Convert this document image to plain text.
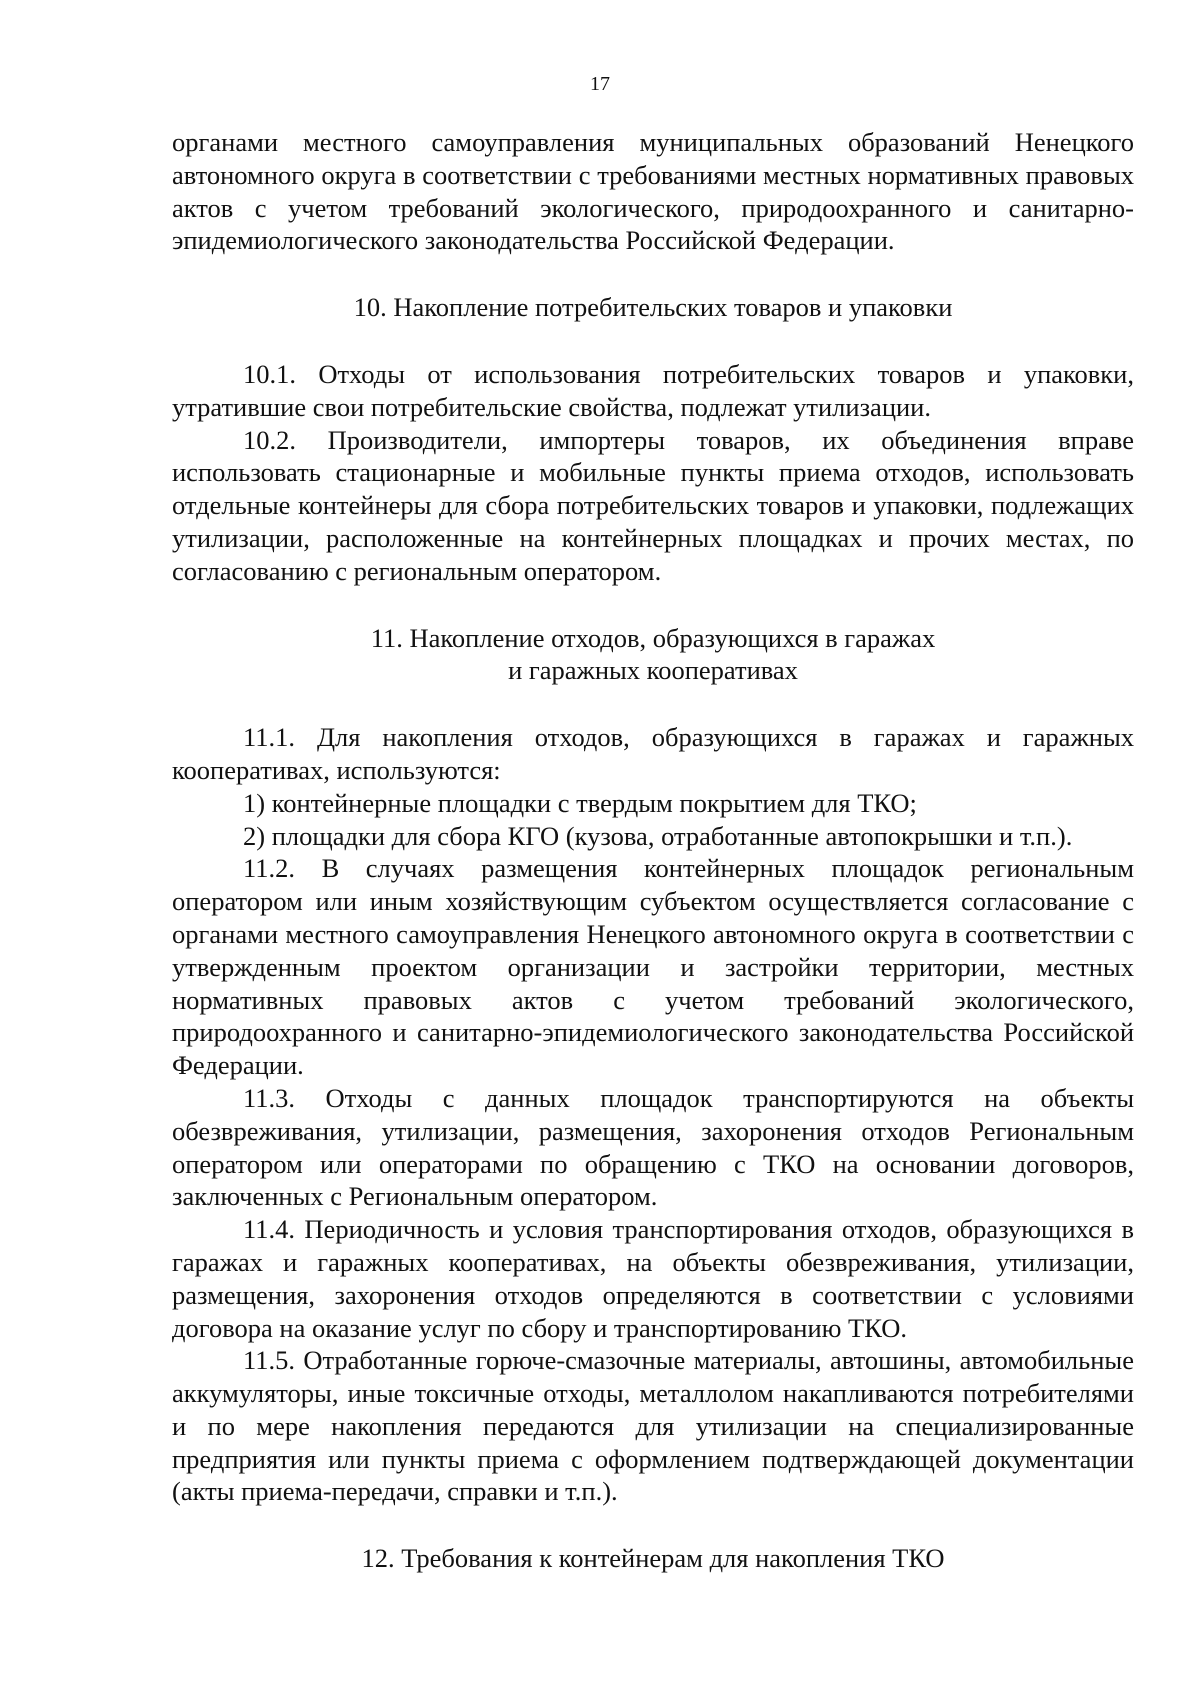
17

органами местного самоуправления муниципальных образований Ненецкого автономного округа в соответствии с требованиями местных нормативных правовых актов с учетом требований экологического, природоохранного и санитарно-эпидемиологического законодательства Российской Федерации.

10. Накопление потребительских товаров и упаковки

10.1. Отходы от использования потребительских товаров и упаковки, утратившие свои потребительские свойства, подлежат утилизации.

10.2. Производители, импортеры товаров, их объединения вправе использовать стационарные и мобильные пункты приема отходов, использовать отдельные контейнеры для сбора потребительских товаров и упаковки, подлежащих утилизации, расположенные на контейнерных площадках и прочих местах, по согласованию с региональным оператором.

11. Накопление отходов, образующихся в гаражах
и гаражных кооперативах

11.1. Для накопления отходов, образующихся в гаражах и гаражных кооперативах, используются:

1) контейнерные площадки с твердым покрытием для ТКО;

2) площадки для сбора КГО (кузова, отработанные автопокрышки и т.п.).

11.2. В случаях размещения контейнерных площадок региональным оператором или иным хозяйствующим субъектом осуществляется согласование с органами местного самоуправления Ненецкого автономного округа в соответствии с утвержденным проектом организации и застройки территории, местных нормативных правовых актов с учетом требований экологического, природоохранного и санитарно-эпидемиологического законодательства Российской Федерации.

11.3. Отходы с данных площадок транспортируются на объекты обезвреживания, утилизации, размещения, захоронения отходов Региональным оператором или операторами по обращению с ТКО на основании договоров, заключенных с Региональным оператором.

11.4. Периодичность и условия транспортирования отходов, образующихся в гаражах и гаражных кооперативах, на объекты обезвреживания, утилизации, размещения, захоронения отходов определяются в соответствии с условиями договора на оказание услуг по сбору и транспортированию ТКО.

11.5. Отработанные горюче-смазочные материалы, автошины, автомобильные аккумуляторы, иные токсичные отходы, металлолом накапливаются потребителями и по мере накопления передаются для утилизации на специализированные предприятия или пункты приема с оформлением подтверждающей документации (акты приема-передачи, справки и т.п.).

12. Требования к контейнерам для накопления ТКО
